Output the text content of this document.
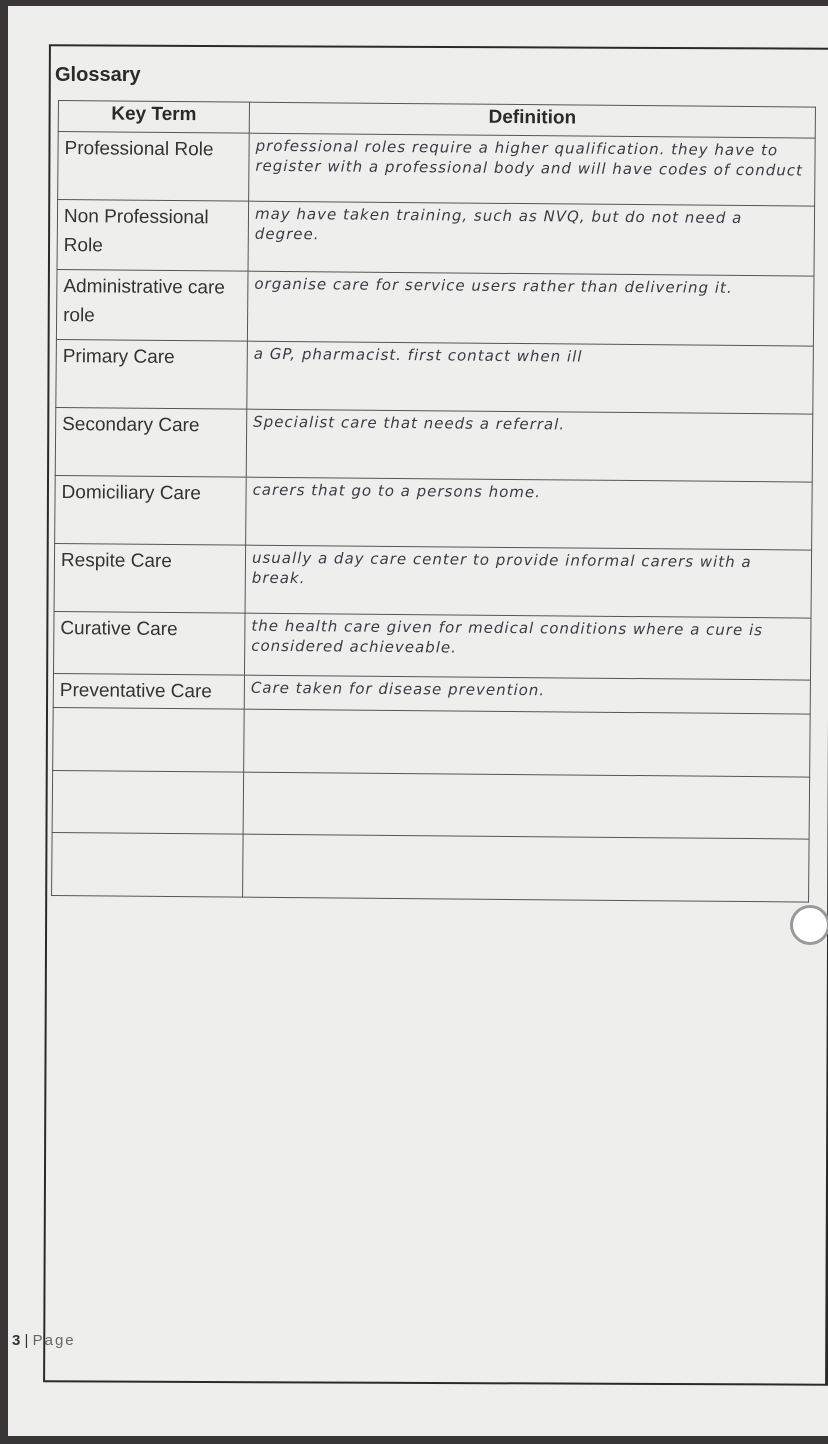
Glossary
Key Term	Definition
Professional Role	professional roles require a higher qualification. they have to register with a professional body and will have codes of conduct
Non Professional Role	may have taken training, such as NVQ, but do not need a degree.
Administrative care role	organise care for service users rather than delivering it.
Primary Care	a GP, pharmacist. first contact when ill
Secondary Care	Specialist care that needs a referral.
Domiciliary Care	carers that go to a persons home.
Respite Care	usually a day care center to provide informal carers with a break.
Curative Care	the health care given for medical conditions where a cure is considered achieveable.
Preventative Care	Care taken for disease prevention.

3 | Page
